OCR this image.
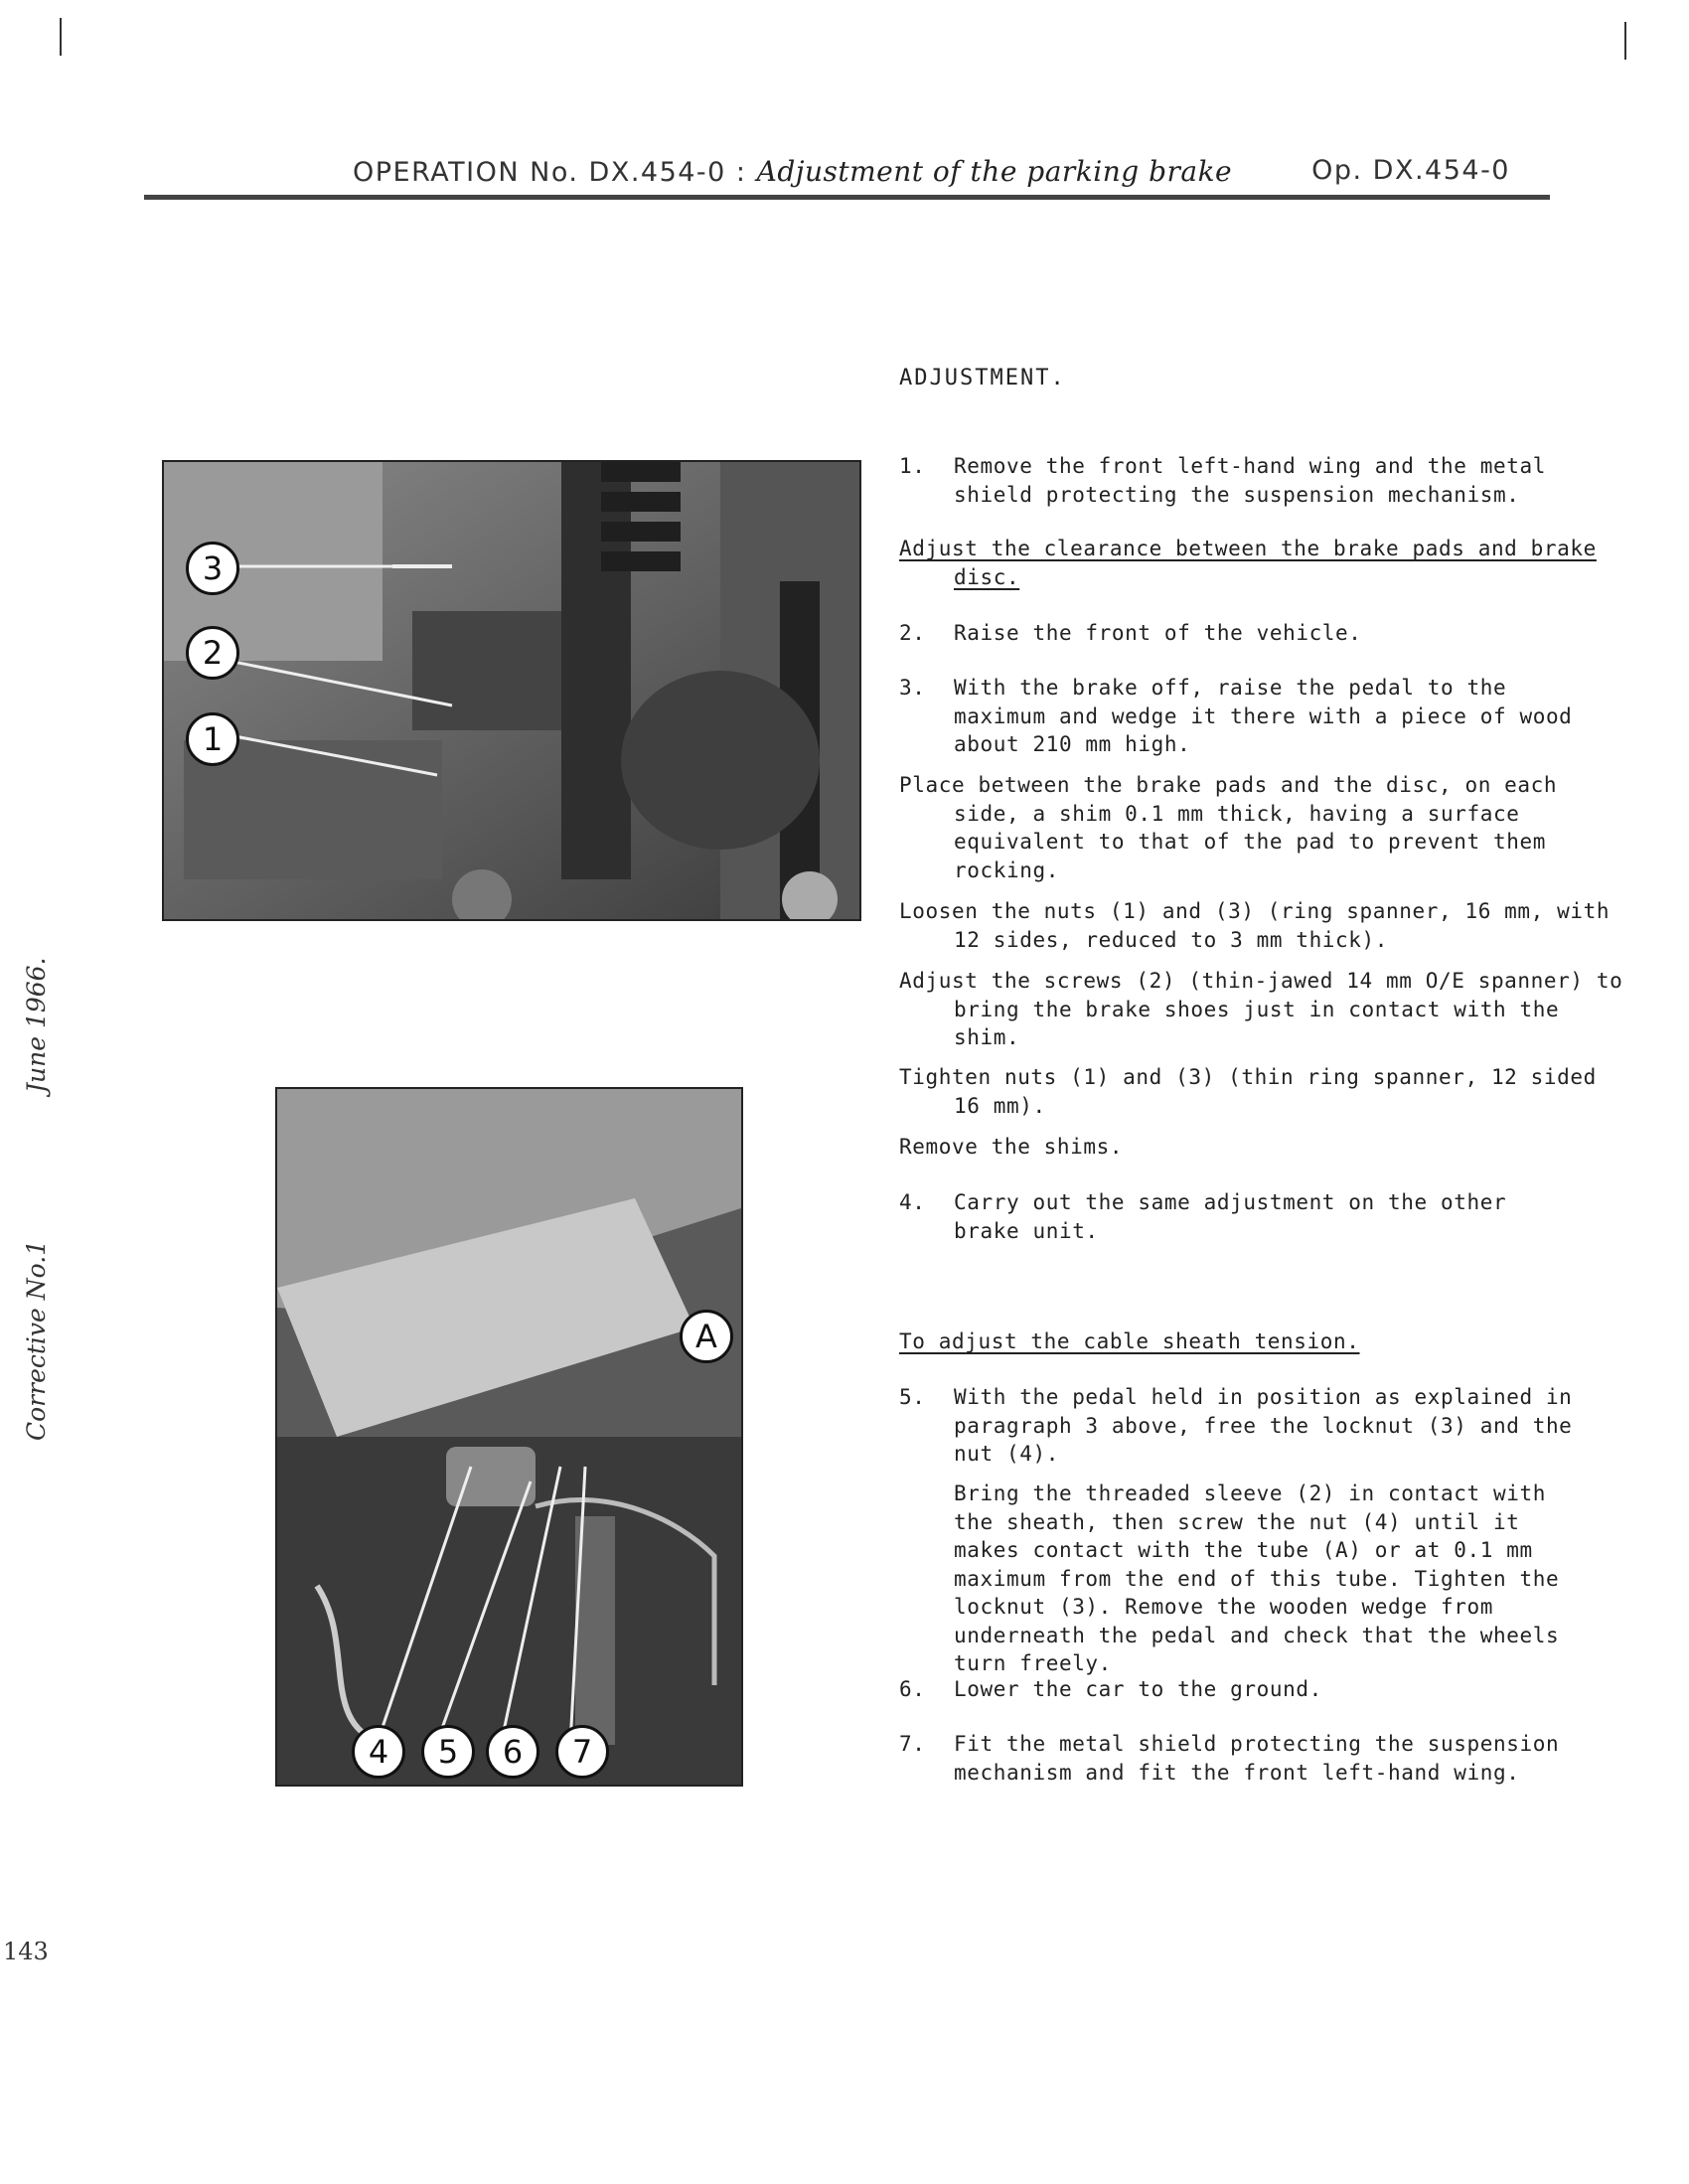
OPERATION No. DX.454-0 : Adjustment of the parking brake	Op. DX.454-0
June 1966.
Corrective No.1
143
3
2
1
A
4	5	6	7
ADJUSTMENT.
1. Remove the front left-hand wing and the metal shield protecting the suspension mechanism.
Adjust the clearance between the brake pads and brake disc.
2. Raise the front of the vehicle.
3. With the brake off, raise the pedal to the maximum and wedge it there with a piece of wood about 210 mm high.
Place between the brake pads and the disc, on each side, a shim 0.1 mm thick, having a surface equivalent to that of the pad to prevent them rocking.
Loosen the nuts (1) and (3) (ring spanner, 16 mm, with 12 sides, reduced to 3 mm thick).
Adjust the screws (2) (thin-jawed 14 mm O/E spanner) to bring the brake shoes just in contact with the shim.
Tighten nuts (1) and (3) (thin ring spanner, 12 sided 16 mm).
Remove the shims.
4. Carry out the same adjustment on the other brake unit.
To adjust the cable sheath tension.
5. With the pedal held in position as explained in paragraph 3 above, free the locknut (3) and the nut (4).
Bring the threaded sleeve (2) in contact with the sheath, then screw the nut (4) until it makes contact with the tube (A) or at 0.1 mm maximum from the end of this tube. Tighten the locknut (3). Remove the wooden wedge from underneath the pedal and check that the wheels turn freely.
6. Lower the car to the ground.
7. Fit the metal shield protecting the suspension mechanism and fit the front left-hand wing.
